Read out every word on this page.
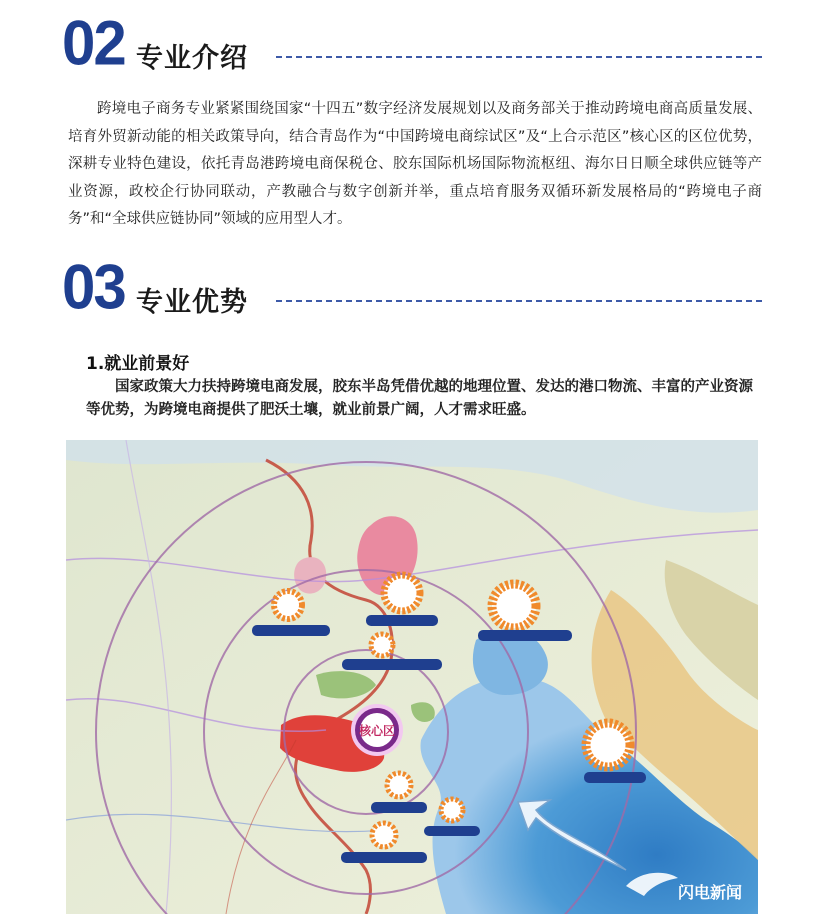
02 专业介绍
跨境电子商务专业紧紧围绕国家“十四五”数字经济发展规划以及商务部关于推动跨境电商高质量发展、培育外贸新动能的相关政策导向，结合青岛作为“中国跨境电商综试区”及“上合示范区”核心区的区位优势，深耕专业特色建设，依托青岛港跨境电商保税仓、胶东国际机场国际物流枢纽、海尔日日顺全球供应链等产业资源，政校企行协同联动，产教融合与数字创新并举，重点培育服务双循环新发展格局的“跨境电子商务”和“全球供应链协同”领域的应用型人才。
03 专业优势
1.就业前景好
国家政策大力扶持跨境电商发展，胶东半岛凭借优越的地理位置、发达的港口物流、丰富的产业资源等优势，为跨境电商提供了肥沃土壤，就业前景广阔，人才需求旺盛。
核心区
闪电新闻
